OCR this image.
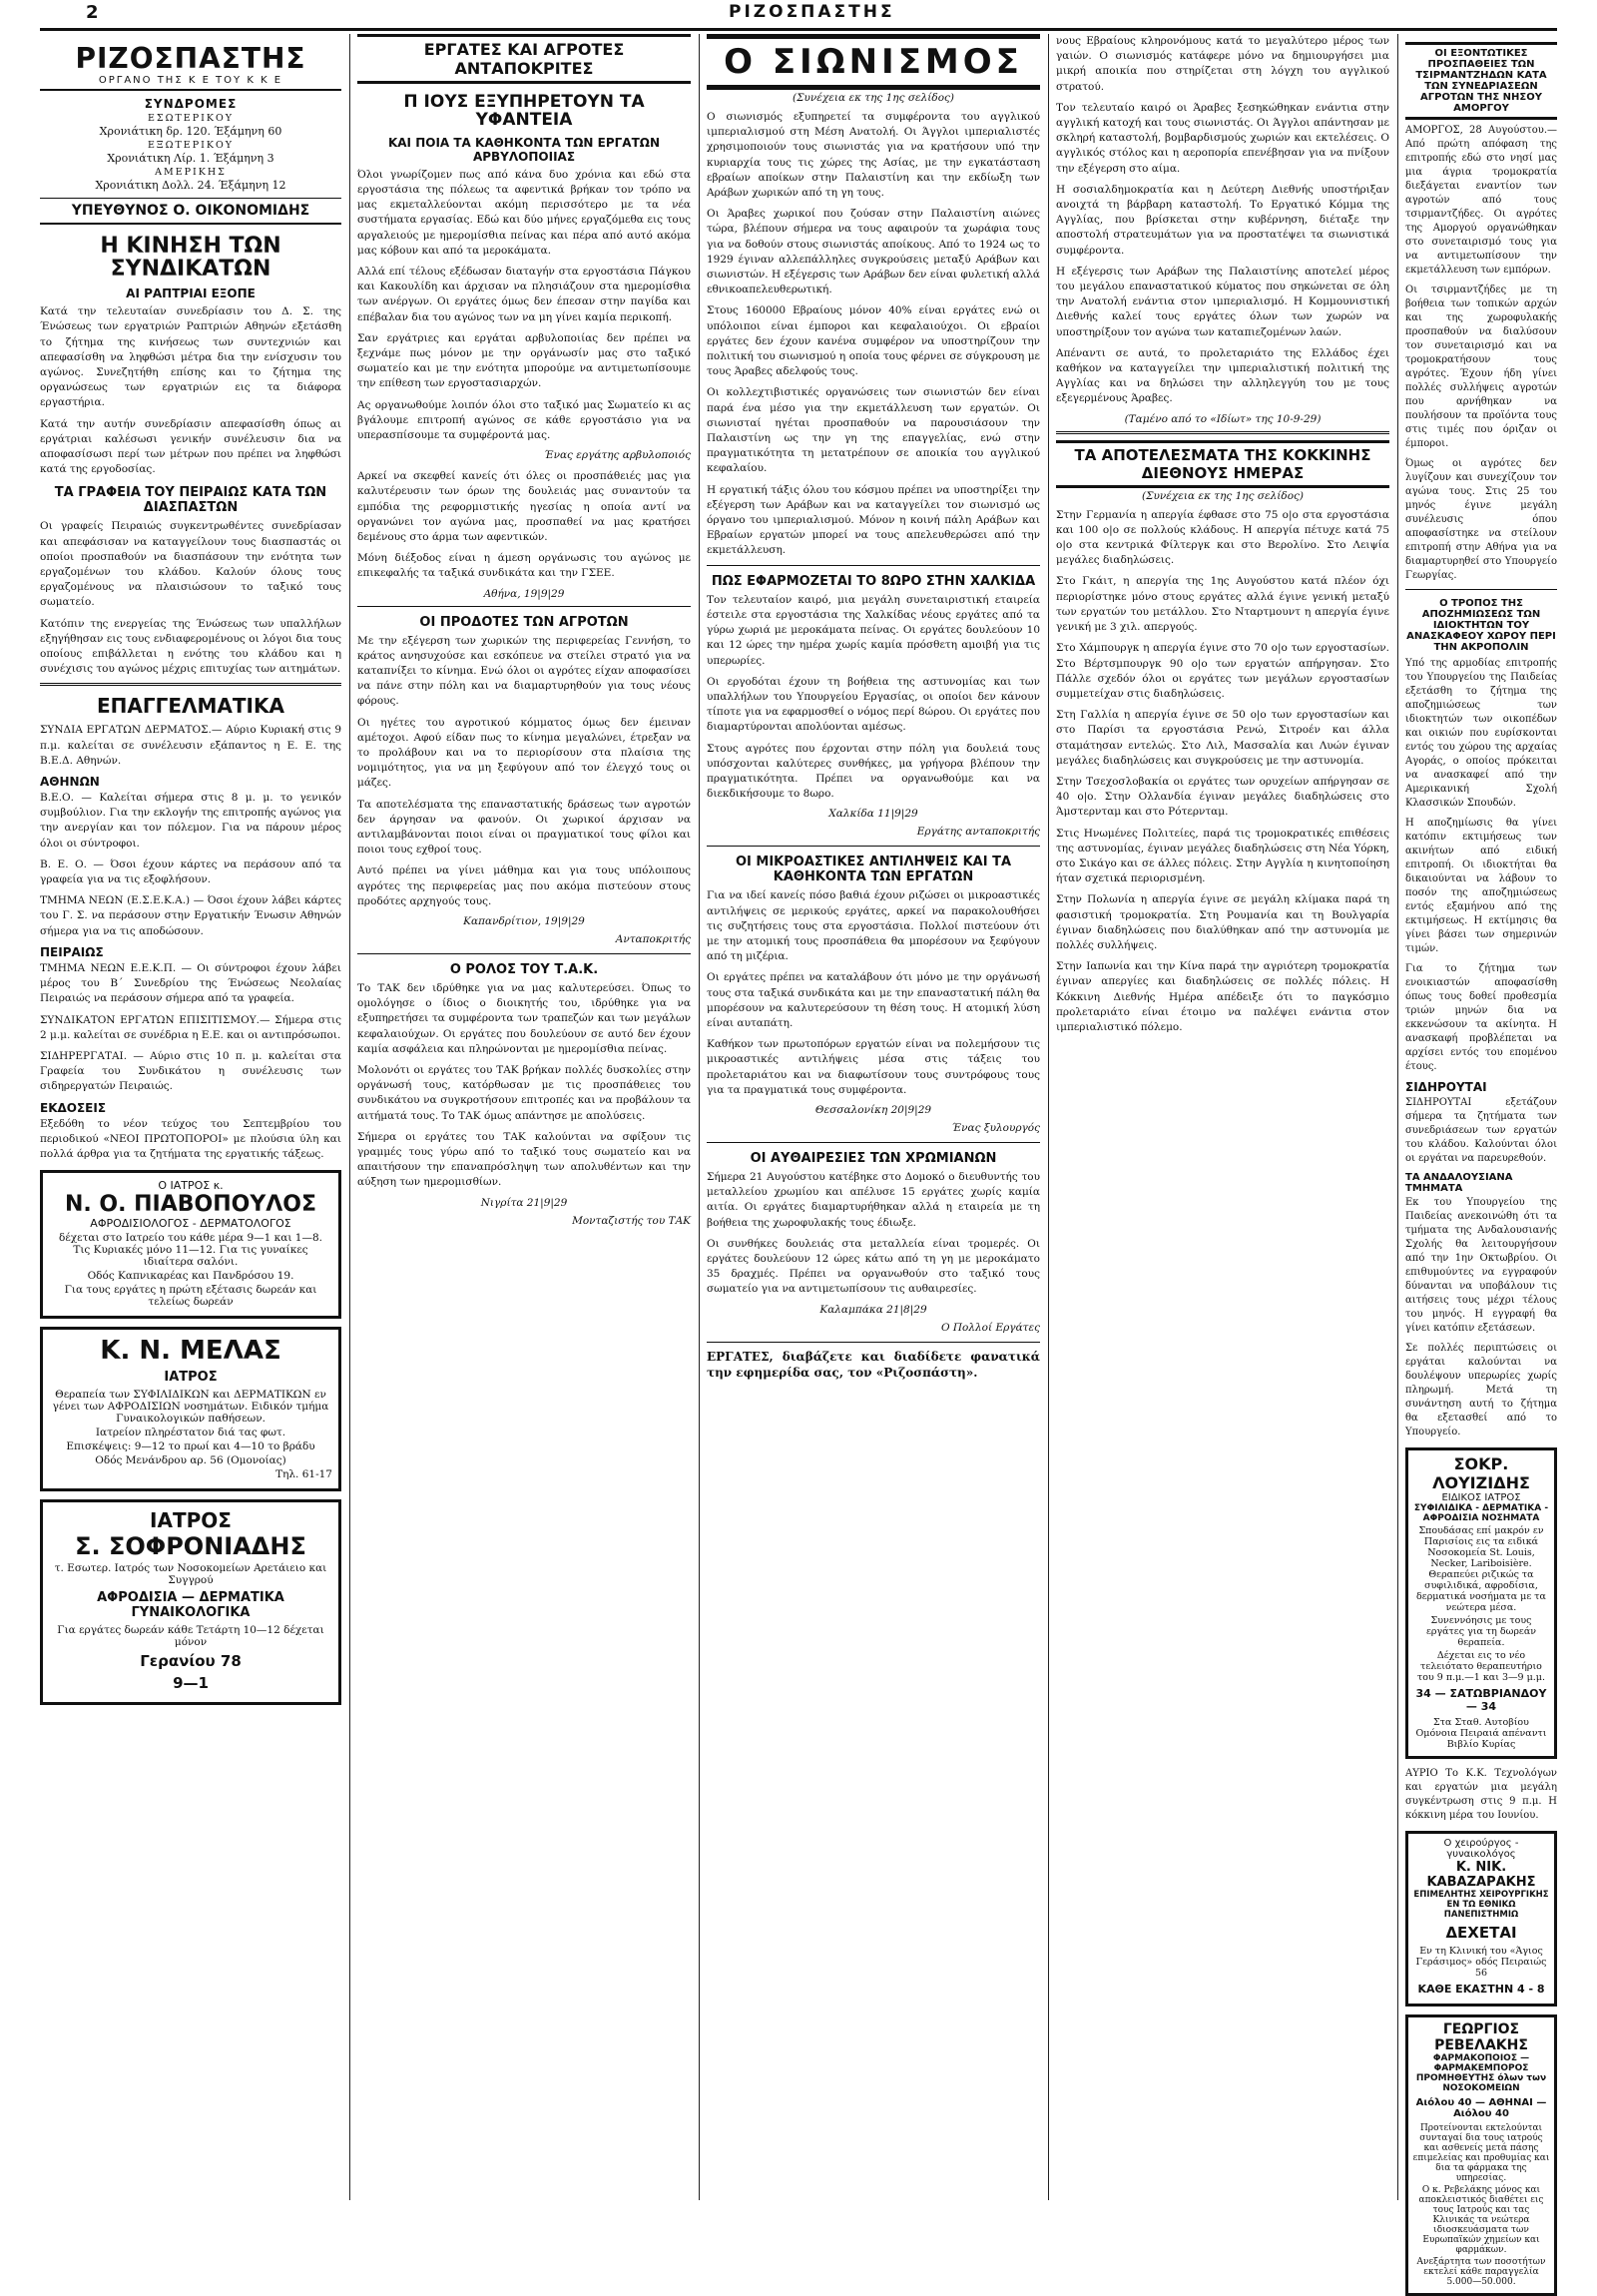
2	ΡΙΖΟΣΠΑΣΤΗΣ
ΡΙΖΟΣΠΑΣΤΗΣ
ΟΡΓΑΝΟ ΤΗΣ Κ Ε ΤΟΥ Κ Κ Ε
ΣΥΝΔΡΟΜΕΣ
ΕΣΩΤΕΡΙΚΟΥ
Χρονιάτικη δρ. 120. Έξάμηνη 60
ΕΞΩΤΕΡΙΚΟΥ
Χρονιάτικη Λίρ. 1. Έξάμηνη 3
ΑΜΕΡΙΚΗΣ
Χρονιάτικη Δολλ. 24. Έξάμηνη 12
ΥΠΕΥΘΥΝΟΣ Ο. ΟΙΚΟΝΟΜΙΔΗΣ
Η ΚΙΝΗΣΗ ΤΩΝ ΣΥΝΔΙΚΑΤΩΝ
ΑΙ ΡΑΠΤΡΙΑΙ ΕΞΟΠΕ

Κατά την τελευταίαν συνεδρίασιν του Δ. Σ. της Ένώσεως των εργατριών Ραπτριών Αθηνών εξετάσθη το ζήτημα της κινήσεως των συντεχνιών και απεφασίσθη να ληφθώσι μέτρα δια την ενίσχυσιν του αγώνος. Συνεζητήθη επίσης και το ζήτημα της οργανώσεως των εργατριών εις τα διάφορα εργαστήρια.

Κατά την αυτήν συνεδρίασιν απεφασίσθη όπως αι εργάτριαι καλέσωσι γενικήν συνέλευσιν δια να αποφασίσωσι περί των μέτρων που πρέπει να ληφθώσι κατά της εργοδοσίας.

ΤΑ ΓΡΑΦΕΙΑ ΤΟΥ ΠΕΙΡΑΙΩΣ ΚΑΤΑ ΤΩΝ ΔΙΑΣΠΑΣΤΩΝ

Οι γραφείς Πειραιώς συγκεντρωθέντες συνεδρίασαν και απεφάσισαν να καταγγείλουν τους διασπαστάς οι οποίοι προσπαθούν να διασπάσουν την ενότητα των εργαζομένων του κλάδου. Καλούν όλους τους εργαζομένους να πλαισιώσουν το ταξικό τους σωματείο.

Κατόπιν της ενεργείας της Ένώσεως των υπαλλήλων εξηγήθησαν εις τους ενδιαφερομένους οι λόγοι δια τους οποίους επιβάλλεται η ενότης του κλάδου και η συνέχισις του αγώνος μέχρις επιτυχίας των αιτημάτων.

ΕΠΑΓΓΕΛΜΑΤΙΚΑ

ΣΥΝΔΙΑ ΕΡΓΑΤΩΝ ΔΕΡΜΑΤΟΣ.— Αύριο Κυριακή στις 9 π.μ. καλείται σε συνέλευσιν εξάπαντος η Ε. Ε. της Β.Ε.Δ. Αθηνών.

ΑΘΗΝΩΝ

Β.Ε.Ο. — Καλείται σήμερα στις 8 μ. μ. το γενικόν συμβούλιον. Για την εκλογήν της επιτροπής αγώνος για την ανεργίαν και τον πόλεμον. Για να πάρουν μέρος όλοι οι σύντροφοι.

Β. Ε. Ο. — Όσοι έχουν κάρτες να περάσουν από τα γραφεία για να τις εξοφλήσουν.

ΤΜΗΜΑ ΝΕΩΝ (Ε.Σ.Ε.Κ.Α.) — Όσοι έχουν λάβει κάρτες του Γ. Σ. να περάσουν στην Εργατικήν Ένωσιν Αθηνών σήμερα για να τις αποδώσουν.

ΠΕΙΡΑΙΩΣ

ΤΜΗΜΑ ΝΕΩΝ Ε.Ε.Κ.Π. — Οι σύντροφοι έχουν λάβει μέρος του Β΄ Συνεδρίου της Ένώσεως Νεολαίας Πειραιώς να περάσουν σήμερα από τα γραφεία.

ΣΥΝΔΙΚΑΤΟΝ ΕΡΓΑΤΩΝ ΕΠΙΣΙΤΙΣΜΟΥ.— Σήμερα στις 2 μ.μ. καλείται σε συνέδρια η Ε.Ε. και οι αντιπρόσωποι.

ΣΙΔΗΡΕΡΓΑΤΑΙ. — Αύριο στις 10 π. μ. καλείται στα Γραφεία του Συνδικάτου η συνέλευσις των σιδηρεργατών Πειραιώς.

ΕΚΔΟΣΕΙΣ

Εξεδόθη το νέον τεύχος του Σεπτεμβρίου του περιοδικού «ΝΕΟΙ ΠΡΩΤΟΠΟΡΟΙ» με πλούσια ύλη και πολλά άρθρα για τα ζητήματα της εργατικής τάξεως.

Ο ΙΑΤΡΟΣ κ.
Ν. Ο. ΠΙΑΒΟΠΟΥΛΟΣ
ΑΦΡΟΔΙΣΙΟΛΟΓΟΣ - ΔΕΡΜΑΤΟΛΟΓΟΣ
δέχεται στο Ιατρείο του κάθε μέρα 9—1 και 1—8. Τις Κυριακές μόνο 11—12. Για τις γυναίκες ιδιαίτερα σαλόνι.
Οδός Καπνικαρέας και Πανδρόσου 19.
Για τους εργάτες η πρώτη εξέτασις δωρεάν και τελείως δωρεάν
Κ. Ν. ΜΕΛΑΣ
ΙΑΤΡΟΣ
Θεραπεία των ΣΥΦΙΛΙΔΙΚΩΝ και ΔΕΡΜΑΤΙΚΩΝ εν γένει των ΑΦΡΟΔΙΣΙΩΝ νοσημάτων. Ειδικόν τμήμα Γυναικολογικών παθήσεων.
Ιατρείον πληρέστατον διά τας φωτ.
Επισκέψεις: 9—12 το πρωί και 4—10 το βράδυ
Οδός Μενάνδρου αρ. 56 (Ομονοίας)
Τηλ. 61-17
ΙΑΤΡΟΣ
Σ. ΣΟΦΡΟΝΙΑΔΗΣ
τ. Εσωτερ. Ιατρός των Νοσοκομείων Αρετάιειο και Συγγρού
ΑΦΡΟΔΙΣΙΑ — ΔΕΡΜΑΤΙΚΑ ΓΥΝΑΙΚΟΛΟΓΙΚΑ
Για εργάτες δωρεάν κάθε Τετάρτη 10—12 δέχεται μόνον
Γερανίου 78
9—1
ΕΡΓΑΤΕΣ ΚΑΙ ΑΓΡΟΤΕΣ ΑΝΤΑΠΟΚΡΙΤΕΣ
Π ΙΟΥΣ ΕΞΥΠΗΡΕΤΟΥΝ ΤΑ ΥΦΑΝΤΕΙΑ
ΚΑΙ ΠΟΙΑ ΤΑ ΚΑΘΗΚΟΝΤΑ ΤΩΝ ΕΡΓΑΤΩΝ ΑΡΒΥΛΟΠΟΙΙΑΣ

Όλοι γνωρίζομεν πως από κάνα δυο χρόνια και εδώ στα εργοστάσια της πόλεως τα αφεντικά βρήκαν τον τρόπο να μας εκμεταλλεύονται ακόμη περισσότερο με τα νέα συστήματα εργασίας. Εδώ και δύο μήνες εργαζόμεθα εις τους αργαλειούς με ημερομίσθια πείνας και πέρα από αυτό ακόμα μας κόβουν και από τα μεροκάματα.

Αλλά επί τέλους εξέδωσαν διαταγήν στα εργοστάσια Πάγκου και Κακουλίδη και άρχισαν να πλησιάζουν στα ημερομίσθια των ανέργων. Οι εργάτες όμως δεν έπεσαν στην παγίδα και επέβαλαν δια του αγώνος των να μη γίνει καμία περικοπή.

Σαν εργάτριες και εργάται αρβυλοποιίας δεν πρέπει να ξεχνάμε πως μόνον με την οργάνωσίν μας στο ταξικό σωματείο και με την ενότητα μπορούμε να αντιμετωπίσουμε την επίθεση των εργοστασιαρχών.

Ας οργανωθούμε λοιπόν όλοι στο ταξικό μας Σωματείο κι ας βγάλουμε επιτροπή αγώνος σε κάθε εργοστάσιο για να υπερασπίσουμε τα συμφέροντά μας.

Ένας εργάτης αρβυλοποιός

Αρκεί να σκεφθεί κανείς ότι όλες οι προσπάθειές μας για καλυτέρευσιν των όρων της δουλειάς μας συναντούν τα εμπόδια της ρεφορμιστικής ηγεσίας η οποία αντί να οργανώνει τον αγώνα μας, προσπαθεί να μας κρατήσει δεμένους στο άρμα των αφεντικών.

Μόνη διέξοδος είναι η άμεση οργάνωσις του αγώνος με επικεφαλής τα ταξικά συνδικάτα και την ΓΣΕΕ.

Αθήνα, 19|9|29
ΟΙ ΠΡΟΔΟΤΕΣ ΤΩΝ ΑΓΡΟΤΩΝ

Με την εξέγερση των χωρικών της περιφερείας Γεννήση, το κράτος ανησυχούσε και εσκόπευε να στείλει στρατό για να καταπνίξει το κίνημα. Ενώ όλοι οι αγρότες είχαν αποφασίσει να πάνε στην πόλη και να διαμαρτυρηθούν για τους νέους φόρους.

Οι ηγέτες του αγροτικού κόμματος όμως δεν έμειναν αμέτοχοι. Αφού είδαν πως το κίνημα μεγαλώνει, έτρεξαν να το προλάβουν και να το περιορίσουν στα πλαίσια της νομιμότητος, για να μη ξεφύγουν από τον έλεγχό τους οι μάζες.

Τα αποτελέσματα της επαναστατικής δράσεως των αγροτών δεν άργησαν να φανούν. Οι χωρικοί άρχισαν να αντιλαμβάνονται ποιοι είναι οι πραγματικοί τους φίλοι και ποιοι τους εχθροί τους.

Αυτό πρέπει να γίνει μάθημα και για τους υπόλοιπους αγρότες της περιφερείας μας που ακόμα πιστεύουν στους προδότες αρχηγούς τους.

Καπανδρίτιον, 19|9|29
Ανταποκριτής
Ο ΡΟΛΟΣ ΤΟΥ Τ.Α.Κ.

Το ΤΑΚ δεν ιδρύθηκε για να μας καλυτερεύσει. Όπως το ομολόγησε ο ίδιος ο διοικητής του, ιδρύθηκε για να εξυπηρετήσει τα συμφέροντα των τραπεζών και των μεγάλων κεφαλαιούχων. Οι εργάτες που δουλεύουν σε αυτό δεν έχουν καμία ασφάλεια και πληρώνονται με ημερομίσθια πείνας.

Μολονότι οι εργάτες του ΤΑΚ βρήκαν πολλές δυσκολίες στην οργάνωσή τους, κατόρθωσαν με τις προσπάθειες του συνδικάτου να συγκροτήσουν επιτροπές και να προβάλουν τα αιτήματά τους. Το ΤΑΚ όμως απάντησε με απολύσεις.

Σήμερα οι εργάτες του ΤΑΚ καλούνται να σφίξουν τις γραμμές τους γύρω από το ταξικό τους σωματείο και να απαιτήσουν την επαναπρόσληψη των απολυθέντων και την αύξηση των ημερομισθίων.

Νιγρίτα 21|9|29
Μονταζιστής του ΤΑΚ
Ο ΣΙΩΝΙΣΜΟΣ
(Συνέχεια εκ της 1ης σελίδος)

Ο σιωνισμός εξυπηρετεί τα συμφέροντα του αγγλικού ιμπεριαλισμού στη Μέση Ανατολή. Οι Άγγλοι ιμπεριαλιστές χρησιμοποιούν τους σιωνιστάς για να κρατήσουν υπό την κυριαρχία τους τις χώρες της Ασίας, με την εγκατάσταση εβραίων αποίκων στην Παλαιστίνη και την εκδίωξη των Αράβων χωρικών από τη γη τους.

Οι Άραβες χωρικοί που ζούσαν στην Παλαιστίνη αιώνες τώρα, βλέπουν σήμερα να τους αφαιρούν τα χωράφια τους για να δοθούν στους σιωνιστάς αποίκους. Από το 1924 ως το 1929 έγιναν αλλεπάλληλες συγκρούσεις μεταξύ Αράβων και σιωνιστών. Η εξέγερσις των Αράβων δεν είναι φυλετική αλλά εθνικοαπελευθερωτική.

Στους 160000 Εβραίους μόνον 40% είναι εργάτες ενώ οι υπόλοιποι είναι έμποροι και κεφαλαιούχοι. Οι εβραίοι εργάτες δεν έχουν κανένα συμφέρον να υποστηρίζουν την πολιτική του σιωνισμού η οποία τους φέρνει σε σύγκρουση με τους Άραβες αδελφούς τους.

Οι κολλεχτιβιστικές οργανώσεις των σιωνιστών δεν είναι παρά ένα μέσο για την εκμετάλλευση των εργατών. Οι σιωνισταί ηγέται προσπαθούν να παρουσιάσουν την Παλαιστίνη ως την γη της επαγγελίας, ενώ στην πραγματικότητα τη μετατρέπουν σε αποικία του αγγλικού κεφαλαίου.

Η εργατική τάξις όλου του κόσμου πρέπει να υποστηρίξει την εξέγερση των Αράβων και να καταγγείλει τον σιωνισμό ως όργανο του ιμπεριαλισμού. Μόνον η κοινή πάλη Αράβων και Εβραίων εργατών μπορεί να τους απελευθερώσει από την εκμετάλλευση.

ΠΩΣ ΕΦΑΡΜΟΖΕΤΑΙ ΤΟ 8ΩΡΟ ΣΤΗΝ ΧΑΛΚΙΔΑ

Τον τελευταίον καιρό, μια μεγάλη συνεταιριστική εταιρεία έστειλε στα εργοστάσια της Χαλκίδας νέους εργάτες από τα γύρω χωριά με μεροκάματα πείνας. Οι εργάτες δουλεύουν 10 και 12 ώρες την ημέρα χωρίς καμία πρόσθετη αμοιβή για τις υπερωρίες.

Οι εργοδόται έχουν τη βοήθεια της αστυνομίας και των υπαλλήλων του Υπουργείου Εργασίας, οι οποίοι δεν κάνουν τίποτε για να εφαρμοσθεί ο νόμος περί 8ώρου. Οι εργάτες που διαμαρτύρονται απολύονται αμέσως.

Στους αγρότες που έρχονται στην πόλη για δουλειά τους υπόσχονται καλύτερες συνθήκες, μα γρήγορα βλέπουν την πραγματικότητα. Πρέπει να οργανωθούμε και να διεκδικήσουμε το 8ωρο.

Χαλκίδα 11|9|29
Εργάτης ανταποκριτής
ΟΙ ΜΙΚΡΟΑΣΤΙΚΕΣ ΑΝΤΙΛΗΨΕΙΣ ΚΑΙ ΤΑ ΚΑΘΗΚΟΝΤΑ ΤΩΝ ΕΡΓΑΤΩΝ

Για να ιδεί κανείς πόσο βαθιά έχουν ριζώσει οι μικροαστικές αντιλήψεις σε μερικούς εργάτες, αρκεί να παρακολουθήσει τις συζητήσεις τους στα εργοστάσια. Πολλοί πιστεύουν ότι με την ατομική τους προσπάθεια θα μπορέσουν να ξεφύγουν από τη μιζέρια.

Οι εργάτες πρέπει να καταλάβουν ότι μόνο με την οργάνωσή τους στα ταξικά συνδικάτα και με την επαναστατική πάλη θα μπορέσουν να καλυτερεύσουν τη θέση τους. Η ατομική λύση είναι αυταπάτη.

Καθήκον των πρωτοπόρων εργατών είναι να πολεμήσουν τις μικροαστικές αντιλήψεις μέσα στις τάξεις του προλεταριάτου και να διαφωτίσουν τους συντρόφους τους για τα πραγματικά τους συμφέροντα.

Θεσσαλονίκη 20|9|29
Ένας ξυλουργός
ΟΙ ΑΥΘΑΙΡΕΣΙΕΣ ΤΩΝ ΧΡΩΜΙΑΝΩΝ

Σήμερα 21 Αυγούστου κατέβηκε στο Δομοκό ο διευθυντής του μεταλλείου χρωμίου και απέλυσε 15 εργάτες χωρίς καμία αιτία. Οι εργάτες διαμαρτυρήθηκαν αλλά η εταιρεία με τη βοήθεια της χωροφυλακής τους έδιωξε.

Οι συνθήκες δουλειάς στα μεταλλεία είναι τρομερές. Οι εργάτες δουλεύουν 12 ώρες κάτω από τη γη με μεροκάματο 35 δραχμές. Πρέπει να οργανωθούν στο ταξικό τους σωματείο για να αντιμετωπίσουν τις αυθαιρεσίες.

Καλαμπάκα 21|8|29
Ο Πολλοί Εργάτες

ΕΡΓΑΤΕΣ, διαβάζετε και διαδίδετε φανατικά την εφημερίδα σας, τον «Ριζοσπάστη».

νους Εβραίους κληρονόμους κατά το μεγαλύτερο μέρος των γαιών. Ο σιωνισμός κατάφερε μόνο να δημιουργήσει μια μικρή αποικία που στηρίζεται στη λόγχη του αγγλικού στρατού.

Τον τελευταίο καιρό οι Άραβες ξεσηκώθηκαν ενάντια στην αγγλική κατοχή και τους σιωνιστάς. Οι Άγγλοι απάντησαν με σκληρή καταστολή, βομβαρδισμούς χωριών και εκτελέσεις. Ο αγγλικός στόλος και η αεροπορία επενέβησαν για να πνίξουν την εξέγερση στο αίμα.

Η σοσιαλδημοκρατία και η Δεύτερη Διεθνής υποστήριξαν ανοιχτά τη βάρβαρη καταστολή. Το Εργατικό Κόμμα της Αγγλίας, που βρίσκεται στην κυβέρνηση, διέταξε την αποστολή στρατευμάτων για να προστατέψει τα σιωνιστικά συμφέροντα.

Η εξέγερσις των Αράβων της Παλαιστίνης αποτελεί μέρος του μεγάλου επαναστατικού κύματος που σηκώνεται σε όλη την Ανατολή ενάντια στον ιμπεριαλισμό. Η Κομμουνιστική Διεθνής καλεί τους εργάτες όλων των χωρών να υποστηρίξουν τον αγώνα των καταπιεζομένων λαών.

Απέναντι σε αυτά, το προλεταριάτο της Ελλάδος έχει καθήκον να καταγγείλει την ιμπεριαλιστική πολιτική της Αγγλίας και να δηλώσει την αλληλεγγύη του με τους εξεγερμένους Άραβες.

(Ταμένο από το «Ιδίωτ» της 10-9-29)
ΤΑ ΑΠΟΤΕΛΕΣΜΑΤΑ ΤΗΣ ΚΟΚΚΙΝΗΣ ΔΙΕΘΝΟΥΣ ΗΜΕΡΑΣ
(Συνέχεια εκ της 1ης σελίδος)

Στην Γερμανία η απεργία έφθασε στο 75 ο|ο στα εργοστάσια και 100 ο|ο σε πολλούς κλάδους. Η απεργία πέτυχε κατά 75 ο|ο στα κεντρικά Φίλτεργκ και στο Βερολίνο. Στο Λειψία μεγάλες διαδηλώσεις.

Στο Γκάιτ, η απεργία της 1ης Αυγούστου κατά πλέον όχι περιορίστηκε μόνο στους εργάτες αλλά έγινε γενική μεταξύ των εργατών του μετάλλου. Στο Νταρτμουντ η απεργία έγινε γενική με 3 χιλ. απεργούς.

Στο Χάμπουργκ η απεργία έγινε στο 70 ο|ο των εργοστασίων. Στο Βέρτσμπουργκ 90 ο|ο των εργατών απήργησαν. Στο Πάλλε σχεδόν όλοι οι εργάτες των μεγάλων εργοστασίων συμμετείχαν στις διαδηλώσεις.

Στη Γαλλία η απεργία έγινε σε 50 ο|ο των εργοστασίων και στο Παρίσι τα εργοστάσια Ρενώ, Σιτροέν και άλλα σταμάτησαν εντελώς. Στο Λιλ, Μασσαλία και Λυών έγιναν μεγάλες διαδηλώσεις και συγκρούσεις με την αστυνομία.

Στην Τσεχοσλοβακία οι εργάτες των ορυχείων απήργησαν σε 40 ο|ο. Στην Ολλανδία έγιναν μεγάλες διαδηλώσεις στο Άμστερνταμ και στο Ρότερνταμ.

Στις Ηνωμένες Πολιτείες, παρά τις τρομοκρατικές επιθέσεις της αστυνομίας, έγιναν μεγάλες διαδηλώσεις στη Νέα Υόρκη, στο Σικάγο και σε άλλες πόλεις. Στην Αγγλία η κινητοποίηση ήταν σχετικά περιορισμένη.

Στην Πολωνία η απεργία έγινε σε μεγάλη κλίμακα παρά τη φασιστική τρομοκρατία. Στη Ρουμανία και τη Βουλγαρία έγιναν διαδηλώσεις που διαλύθηκαν από την αστυνομία με πολλές συλλήψεις.

Στην Ιαπωνία και την Κίνα παρά την αγριότερη τρομοκρατία έγιναν απεργίες και διαδηλώσεις σε πολλές πόλεις. Η Κόκκινη Διεθνής Ημέρα απέδειξε ότι το παγκόσμιο προλεταριάτο είναι έτοιμο να παλέψει ενάντια στον ιμπεριαλιστικό πόλεμο.

ΟΙ ΕΞΟΝΤΩΤΙΚΕΣ ΠΡΟΣΠΑΘΕΙΕΣ ΤΩΝ ΤΣΙΡΜΑΝΤΖΗΔΩΝ ΚΑΤΑ ΤΩΝ ΣΥΝΕΔΡΙΑΣΕΩΝ ΑΓΡΟΤΩΝ ΤΗΣ ΝΗΣΟΥ ΑΜΟΡΓΟΥ

ΑΜΟΡΓΟΣ, 28 Αυγούστου.— Από πρώτη απόφαση της επιτροπής εδώ στο νησί μας μια άγρια τρομοκρατία διεξάγεται εναντίον των αγροτών από τους τσιρμαντζήδες. Οι αγρότες της Αμοργού οργανώθηκαν στο συνεταιρισμό τους για να αντιμετωπίσουν την εκμετάλλευση των εμπόρων.

Οι τσιρμαντζήδες με τη βοήθεια των τοπικών αρχών και της χωροφυλακής προσπαθούν να διαλύσουν τον συνεταιρισμό και να τρομοκρατήσουν τους αγρότες. Έχουν ήδη γίνει πολλές συλλήψεις αγροτών που αρνήθηκαν να πουλήσουν τα προϊόντα τους στις τιμές που όριζαν οι έμποροι.

Όμως οι αγρότες δεν λυγίζουν και συνεχίζουν τον αγώνα τους. Στις 25 του μηνός έγινε μεγάλη συνέλευσις όπου αποφασίστηκε να στείλουν επιτροπή στην Αθήνα για να διαμαρτυρηθεί στο Υπουργείο Γεωργίας.

Ο ΤΡΟΠΟΣ ΤΗΣ ΑΠΟΖΗΜΙΩΣΕΩΣ ΤΩΝ ΙΔΙΟΚΤΗΤΩΝ ΤΟΥ ΑΝΑΣΚΑΦΕΟΥ ΧΩΡΟΥ ΠΕΡΙ ΤΗΝ ΑΚΡΟΠΟΛΙΝ

Υπό της αρμοδίας επιτροπής του Υπουργείου της Παιδείας εξετάσθη το ζήτημα της αποζημιώσεως των ιδιοκτητών των οικοπέδων και οικιών που ευρίσκονται εντός του χώρου της αρχαίας Αγοράς, ο οποίος πρόκειται να ανασκαφεί από την Αμερικανική Σχολή Κλασσικών Σπουδών.

Η αποζημίωσις θα γίνει κατόπιν εκτιμήσεως των ακινήτων από ειδική επιτροπή. Οι ιδιοκτήται θα δικαιούνται να λάβουν το ποσόν της αποζημιώσεως εντός εξαμήνου από της εκτιμήσεως. Η εκτίμησις θα γίνει βάσει των σημερινών τιμών.

Για το ζήτημα των ενοικιαστών αποφασίσθη όπως τους δοθεί προθεσμία τριών μηνών δια να εκκενώσουν τα ακίνητα. Η ανασκαφή προβλέπεται να αρχίσει εντός του επομένου έτους.

ΣΙΔΗΡΟΥΤΑΙ

ΣΙΔΗΡΟΥΤΑΙ εξετάζουν σήμερα τα ζητήματα των συνεδριάσεων των εργατών του κλάδου. Καλούνται όλοι οι εργάται να παρευρεθούν.

ΤΑ ΑΝΔΑΛΟΥΣΙΑΝΑ ΤΜΗΜΑΤΑ

Εκ του Υπουργείου της Παιδείας ανεκοινώθη ότι τα τμήματα της Ανδαλουσιανής Σχολής θα λειτουργήσουν από την 1ην Οκτωβρίου. Οι επιθυμούντες να εγγραφούν δύνανται να υποβάλουν τις αιτήσεις τους μέχρι τέλους του μηνός. Η εγγραφή θα γίνει κατόπιν εξετάσεων.

Σε πολλές περιπτώσεις οι εργάται καλούνται να δουλέψουν υπερωρίες χωρίς πληρωμή. Μετά τη συνάντηση αυτή το ζήτημα θα εξετασθεί από το Υπουργείο.

ΣΟΚΡ. ΛΟΥΙΖΙΔΗΣ
ΕΙΔΙΚΟΣ ΙΑΤΡΟΣ
ΣΥΦΙΛΙΔΙΚΑ - ΔΕΡΜΑΤΙΚΑ - ΑΦΡΟΔΙΣΙΑ ΝΟΣΗΜΑΤΑ
Σπουδάσας επί μακρόν εν Παρισίοις εις τα ειδικά Νοσοκομεία St. Louis, Necker, Lariboisière. Θεραπεύει ριζικώς τα συφιλιδικά, αφροδίσια, δερματικά νοσήματα με τα νεώτερα μέσα.
Συνεννόησις με τους εργάτες για τη δωρεάν θεραπεία.
Δέχεται εις το νέο τελειότατο θεραπευτήριο του 9 π.μ.—1 και 3—9 μ.μ.
34 — ΣΑΤΩΒΡΙΑΝΔΟΥ — 34
Στα Σταθ. Αυτοβίου Ομόνοια Πειραιά απέναντι Βιβλίο Κυρίας

ΑΥΡΙΟ Το Κ.Κ. Τεχνολόγων και εργατών μια μεγάλη συγκέντρωση στις 9 π.μ. Η κόκκινη μέρα του Ιουνίου.

Ο χειρούργος - γυναικολόγος
Κ. ΝΙΚ. ΚΑΒΑΖΑΡΑΚΗΣ
ΕΠΙΜΕΛΗΤΗΣ ΧΕΙΡΟΥΡΓΙΚΗΣ ΕΝ ΤΩ ΕΘΝΙΚΩ ΠΑΝΕΠΙΣΤΗΜΙΩ
ΔΕΧΕΤΑΙ
Εν τη Κλινική του «Άγιος Γεράσιμος» οδός Πειραιώς 56
ΚΑΘΕ ΕΚΑΣΤΗΝ 4 - 8
ΓΕΩΡΓΙΟΣ ΡΕΒΕΛΑΚΗΣ
ΦΑΡΜΑΚΟΠΟΙΟΣ — ΦΑΡΜΑΚΕΜΠΟΡΟΣ
ΠΡΟΜΗΘΕΥΤΗΣ όλων των ΝΟΣΟΚΟΜΕΙΩΝ
Αιόλου 40 — ΑΘΗΝΑΙ — Αιόλου 40
Προτείνονται εκτελούνται συνταγαί δια τους ιατρούς και ασθενείς μετά πάσης επιμελείας και προθυμίας και δια τα φάρμακα της υπηρεσίας.
Ο κ. Ρεβελάκης μόνος και αποκλειστικός διαθέτει εις τους Ιατρούς και τας Κλινικάς τα νεώτερα ιδιοσκευάσματα των Ευρωπαϊκών χημείων και φαρμάκων.
Ανεξάρτητα των ποσοτήτων εκτελεί κάθε παραγγελία 5.000—50.000.
